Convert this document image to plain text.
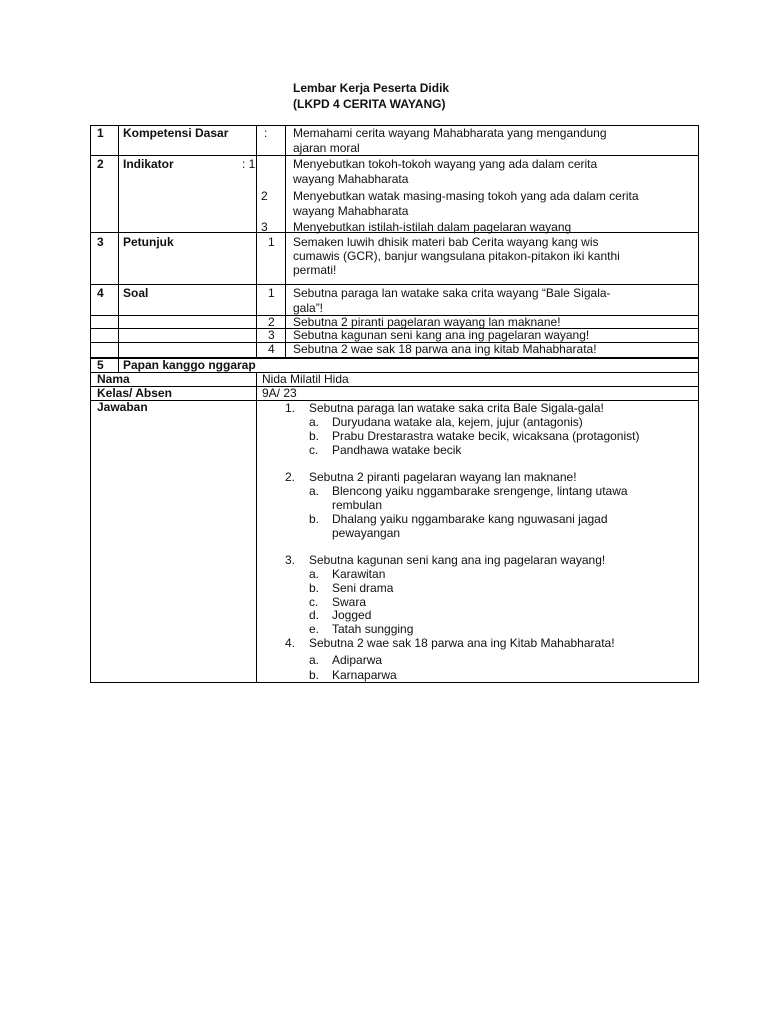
Lembar Kerja Peserta Didik
(LKPD 4 CERITA WAYANG)
1 Kompetensi Dasar	: Memahami cerita wayang Mahabharata yang mengandung
ajaran moral
2 Indikator	: 1	Menyebutkan tokoh-tokoh wayang yang ada dalam cerita
wayang Mahabharata
2 Menyebutkan watak masing-masing tokoh yang ada dalam cerita
wayang Mahabharata
3 Menyebutkan istilah-istilah dalam pagelaran wayang
3 Petunjuk	1 Semaken luwih dhisik materi bab Cerita wayang kang wis
cumawis (GCR), banjur wangsulana pitakon-pitakon iki kanthi
permati!
4 Soal	1 Sebutna paraga lan watake saka crita wayang “Bale Sigala-
gala”!
2 Sebutna 2 piranti pagelaran wayang lan maknane!
3 Sebutna kagunan seni kang ana ing pagelaran wayang!
4 Sebutna 2 wae sak 18 parwa ana ing kitab Mahabharata!
5 Papan kanggo nggarap
Nama	Nida Milatil Hida
Kelas/ Absen	9A/ 23
Jawaban	1. Sebutna paraga lan watake saka crita Bale Sigala-gala!
a. Duryudana watake ala, kejem, jujur (antagonis)
b. Prabu Drestarastra watake becik, wicaksana (protagonist)
c. Pandhawa watake becik
2. Sebutna 2 piranti pagelaran wayang lan maknane!
a. Blencong yaiku nggambarake srengenge, lintang utawa
rembulan
b. Dhalang yaiku nggambarake kang nguwasani jagad
pewayangan
3. Sebutna kagunan seni kang ana ing pagelaran wayang!
a. Karawitan
b. Seni drama
c. Swara
d. Jogged
e. Tatah sungging
4. Sebutna 2 wae sak 18 parwa ana ing Kitab Mahabharata!
a. Adiparwa
b. Karnaparwa
